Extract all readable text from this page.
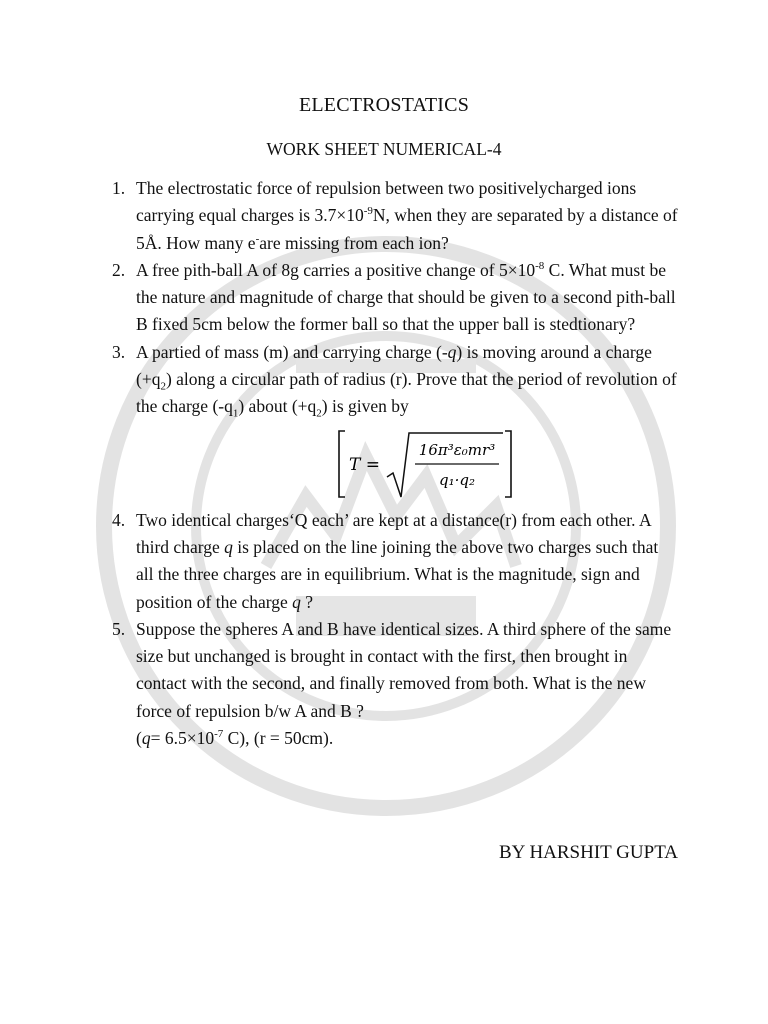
ELECTROSTATICS
WORK SHEET NUMERICAL-4
1. The electrostatic force of repulsion between two positivelycharged ions carrying equal charges is $3.7\times 10^{-9}N$, when they are separated by a distance of 5Å. How many e-are missing from each ion?
2. A free pith-ball A of 8g carries a positive change of $5\times 10^{-8}$ C. What must be the nature and magnitude of charge that should be given to a second pith-ball B fixed 5cm below the former ball so that the upper ball is stedtionary?
3. A partied of mass (m) and carrying charge (-q) is moving around a charge $(+q_2)$ along a circular path of radius (r). Prove that the period of revolution of the charge $(-q_1)$ about $(+q_2)$ is given by
T =
16π³ε₀mr³
q₁·q₂
4. Two identical charges‘Q each’ are kept at a distance(r) from each other. A third charge q is placed on the line joining the above two charges such that all the three charges are in equilibrium. What is the magnitude, sign and position of the charge q ?
5. Suppose the spheres A and B have identical sizes. A third sphere of the same size but unchanged is brought in contact with the first, then brought in contact with the second, and finally removed from both. What is the new force of repulsion b/w A and B ?
($q= 6.5\times 10^{-7}$ C), (r = 50cm).
BY HARSHIT GUPTA
